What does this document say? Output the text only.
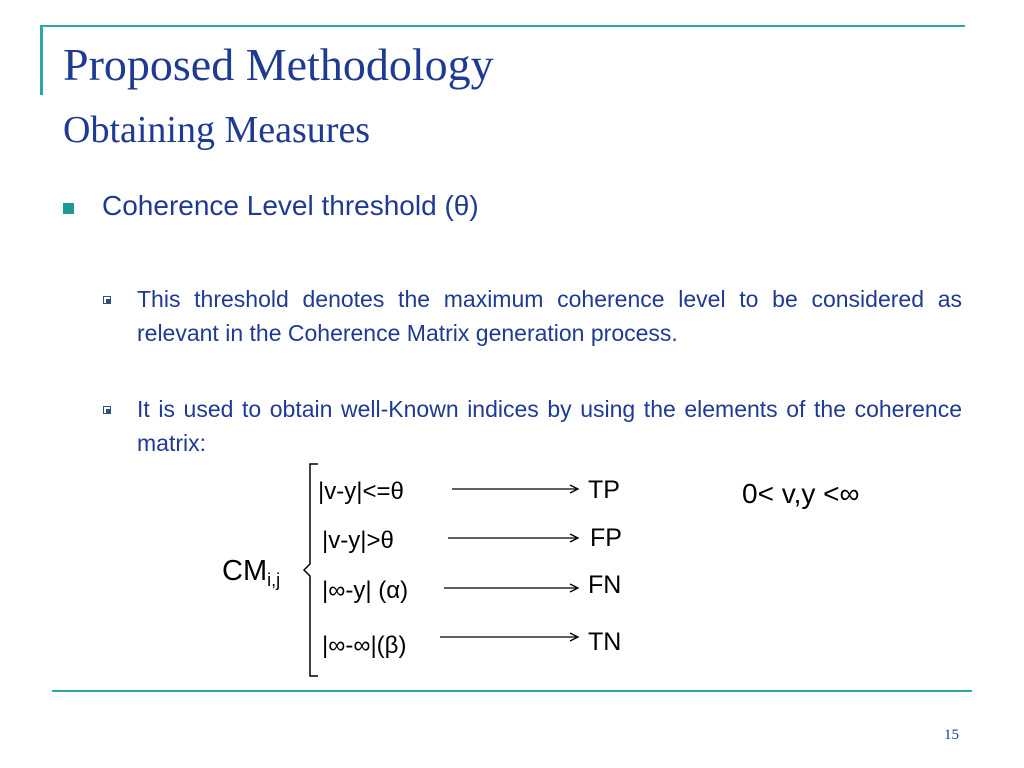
Proposed Methodology
Obtaining Measures
Coherence Level threshold (θ)
This threshold denotes the maximum coherence level to be considered as relevant in the Coherence Matrix generation process.
It is used to obtain well-Known indices by using the elements of the coherence matrix:
$CM_{i,j}$
|v-y|<=θ
|v-y|>θ
|∞-y| (α)
|∞-∞|(β)
TP
FP
FN
TN
0< v,y <∞
15
